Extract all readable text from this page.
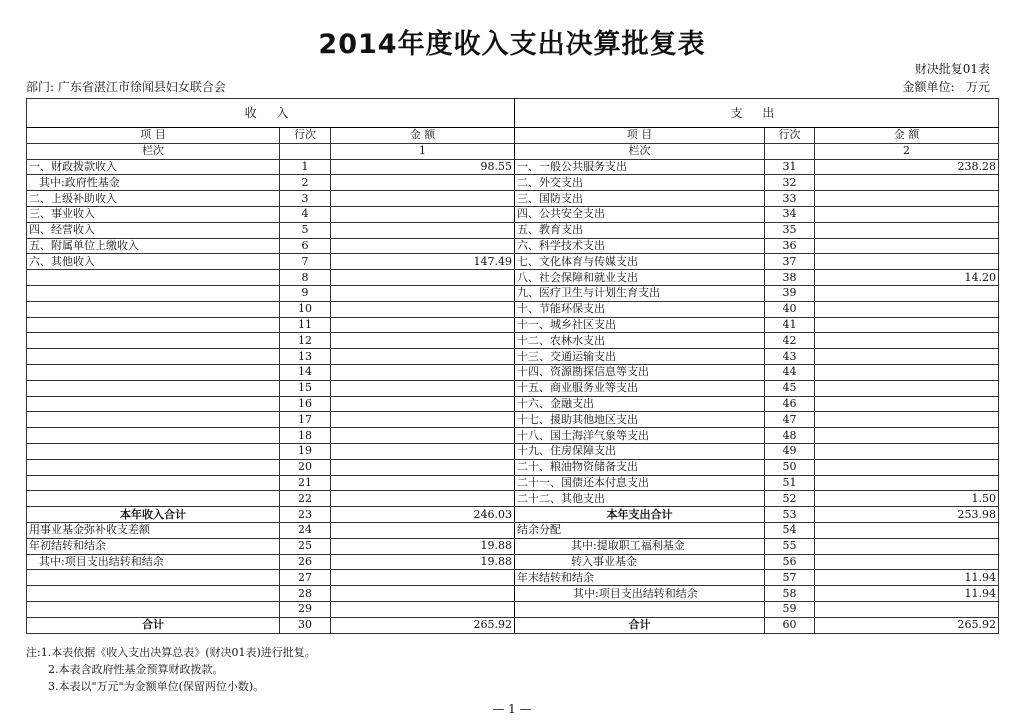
2014年度收入支出决算批复表
财决批复01表
金额单位: 万元
部门: 广东省湛江市徐闻县妇女联合会
收 入			支 出		
项 目	行次	金 额	项 目	行次	金 额
栏次		1	栏次		2
一、财政拨款收入	1	98.55	一、一般公共服务支出	31	238.28
其中:政府性基金	2		二、外交支出	32	
二、上级补助收入	3		三、国防支出	33	
三、事业收入	4		四、公共安全支出	34	
四、经营收入	5		五、教育支出	35	
五、附属单位上缴收入	6		六、科学技术支出	36	
六、其他收入	7	147.49	七、文化体育与传媒支出	37	
	8		八、社会保障和就业支出	38	14.20
	9		九、医疗卫生与计划生育支出	39	
	10		十、节能环保支出	40	
	11		十一、城乡社区支出	41	
	12		十二、农林水支出	42	
	13		十三、交通运输支出	43	
	14		十四、资源勘探信息等支出	44	
	15		十五、商业服务业等支出	45	
	16		十六、金融支出	46	
	17		十七、援助其他地区支出	47	
	18		十八、国土海洋气象等支出	48	
	19		十九、住房保障支出	49	
	20		二十、粮油物资储备支出	50	
	21		二十一、国债还本付息支出	51	
	22		二十二、其他支出	52	1.50
本年收入合计	23	246.03	本年支出合计	53	253.98
用事业基金弥补收支差额	24		结余分配	54	
年初结转和结余	25	19.88	其中:提取职工福利基金	55	
其中:项目支出结转和结余	26	19.88	转入事业基金	56	
	27		年末结转和结余	57	11.94
	28		其中:项目支出结转和结余	58	11.94
	29			59	
合计	30	265.92	合计	60	265.92
注:1.本表依据《收入支出决算总表》(财决01表)进行批复。
2.本表含政府性基金预算财政拨款。
3.本表以"万元"为金额单位(保留两位小数)。
— 1 —
